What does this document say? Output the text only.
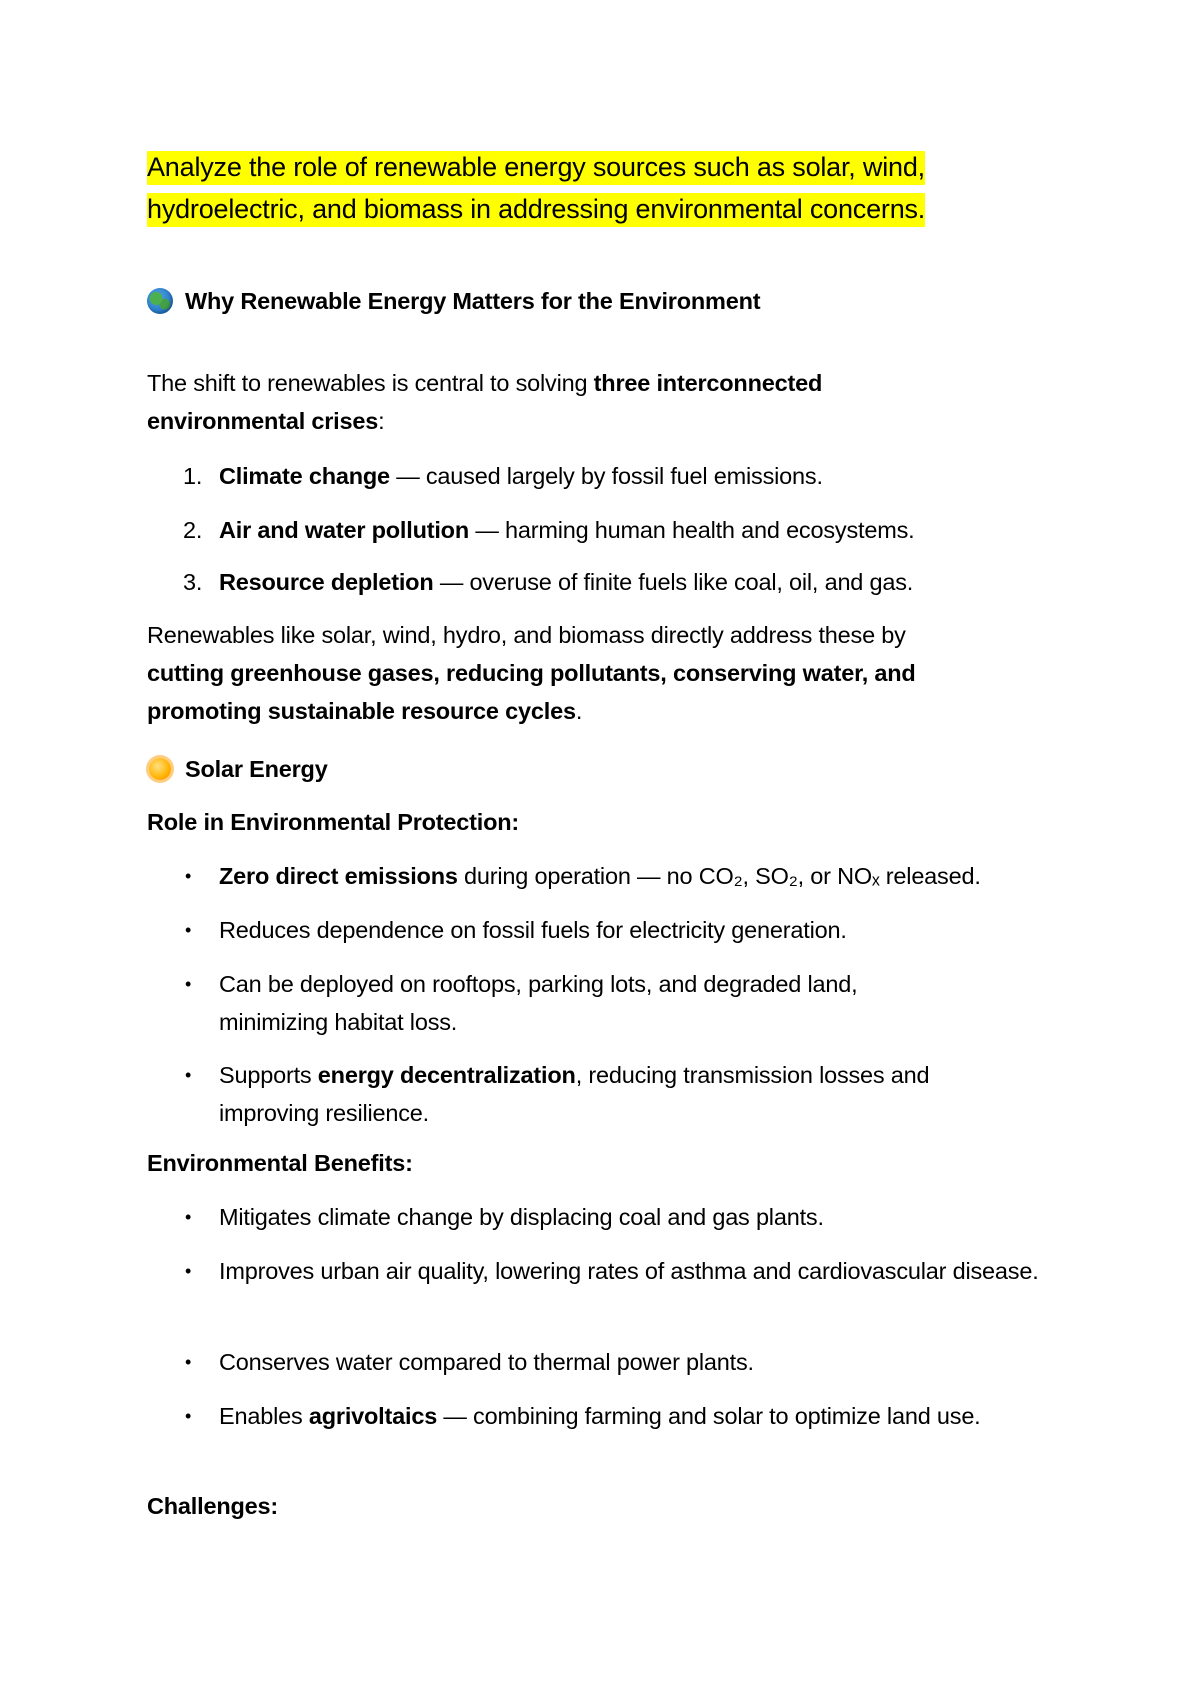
Analyze the role of renewable energy sources such as solar, wind, hydroelectric, and biomass in addressing environmental concerns.
Why Renewable Energy Matters for the Environment
The shift to renewables is central to solving three interconnected environmental crises:
1. Climate change — caused largely by fossil fuel emissions.
2. Air and water pollution — harming human health and ecosystems.
3. Resource depletion — overuse of finite fuels like coal, oil, and gas.
Renewables like solar, wind, hydro, and biomass directly address these by cutting greenhouse gases, reducing pollutants, conserving water, and promoting sustainable resource cycles.
Solar Energy
Role in Environmental Protection:
• Zero direct emissions during operation — no CO₂, SO₂, or NOₓ released.
• Reduces dependence on fossil fuels for electricity generation.
• Can be deployed on rooftops, parking lots, and degraded land, minimizing habitat loss.
• Supports energy decentralization, reducing transmission losses and improving resilience.
Environmental Benefits:
• Mitigates climate change by displacing coal and gas plants.
• Improves urban air quality, lowering rates of asthma and cardiovascular disease.
• Conserves water compared to thermal power plants.
• Enables agrivoltaics — combining farming and solar to optimize land use.
Challenges:
